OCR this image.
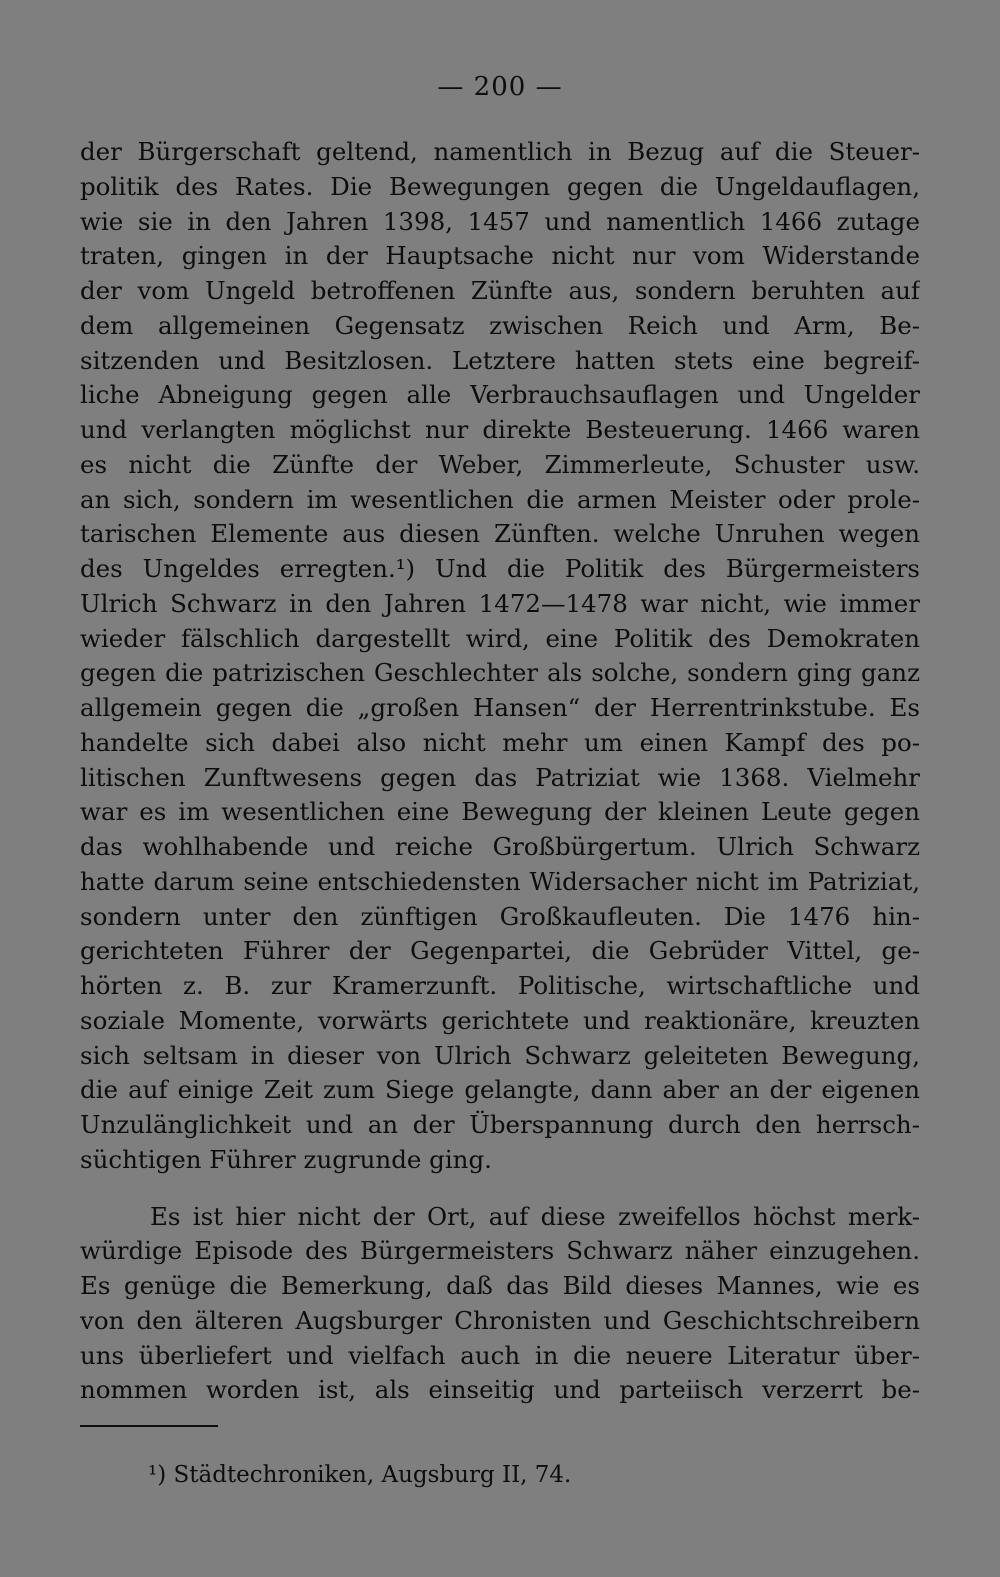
— 200 —
der Bürgerschaft geltend, namentlich in Bezug auf die Steuer-
politik des Rates. Die Bewegungen gegen die Ungeldauflagen,
wie sie in den Jahren 1398, 1457 und namentlich 1466 zutage
traten, gingen in der Hauptsache nicht nur vom Widerstande
der vom Ungeld betroffenen Zünfte aus, sondern beruhten auf
dem allgemeinen Gegensatz zwischen Reich und Arm, Be-
sitzenden und Besitzlosen. Letztere hatten stets eine begreif-
liche Abneigung gegen alle Verbrauchsauflagen und Ungelder
und verlangten möglichst nur direkte Besteuerung. 1466 waren
es nicht die Zünfte der Weber, Zimmerleute, Schuster usw.
an sich, sondern im wesentlichen die armen Meister oder prole-
tarischen Elemente aus diesen Zünften. welche Unruhen wegen
des Ungeldes erregten.¹) Und die Politik des Bürgermeisters
Ulrich Schwarz in den Jahren 1472—1478 war nicht, wie immer
wieder fälschlich dargestellt wird, eine Politik des Demokraten
gegen die patrizischen Geschlechter als solche, sondern ging ganz
allgemein gegen die „großen Hansen“ der Herrentrinkstube. Es
handelte sich dabei also nicht mehr um einen Kampf des po-
litischen Zunftwesens gegen das Patriziat wie 1368. Vielmehr
war es im wesentlichen eine Bewegung der kleinen Leute gegen
das wohlhabende und reiche Großbürgertum. Ulrich Schwarz
hatte darum seine entschiedensten Widersacher nicht im Patriziat,
sondern unter den zünftigen Großkaufleuten. Die 1476 hin-
gerichteten Führer der Gegenpartei, die Gebrüder Vittel, ge-
hörten z. B. zur Kramerzunft. Politische, wirtschaftliche und
soziale Momente, vorwärts gerichtete und reaktionäre, kreuzten
sich seltsam in dieser von Ulrich Schwarz geleiteten Bewegung,
die auf einige Zeit zum Siege gelangte, dann aber an der eigenen
Unzulänglichkeit und an der Überspannung durch den herrsch-
süchtigen Führer zugrunde ging.
Es ist hier nicht der Ort, auf diese zweifellos höchst merk-
würdige Episode des Bürgermeisters Schwarz näher einzugehen.
Es genüge die Bemerkung, daß das Bild dieses Mannes, wie es
von den älteren Augsburger Chronisten und Geschichtschreibern
uns überliefert und vielfach auch in die neuere Literatur über-
nommen worden ist, als einseitig und parteiisch verzerrt be-
¹) Städtechroniken, Augsburg II, 74.
